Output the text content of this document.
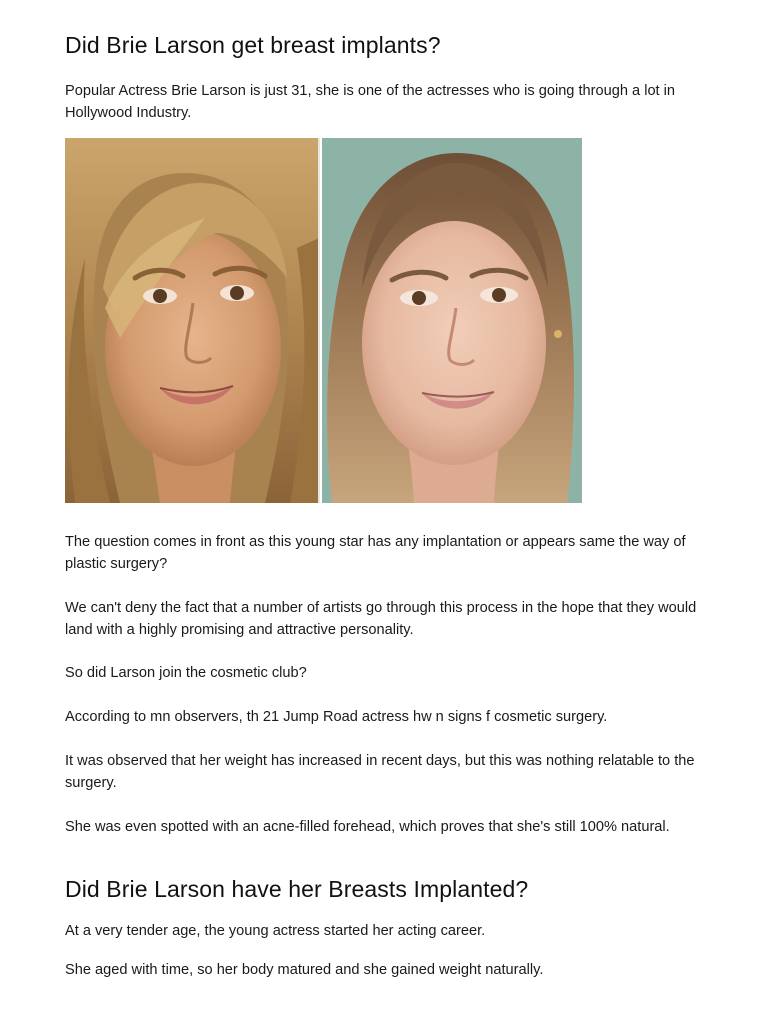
Did Brie Larson get breast implants?

Popular Actress Brie Larson is just 31, she is one of the actresses who is going through a lot in Hollywood Industry.

The question comes in front as this young star has any implantation or appears same the way of plastic surgery?

We can't deny the fact that a number of artists go through this process in the hope that they would land with a highly promising and attractive personality.

So did Larson join the cosmetic club?

According to mn observers, th 21 Jump Road actress hw n signs f cosmetic surgery.

It was observed that her weight has increased in recent days, but this was nothing relatable to the surgery.

She was even spotted with an acne-filled forehead, which proves that she's still 100% natural.

Did Brie Larson have her Breasts Implanted?

At a very tender age, the young actress started her acting career.

She aged with time, so her body matured and she gained weight naturally.
